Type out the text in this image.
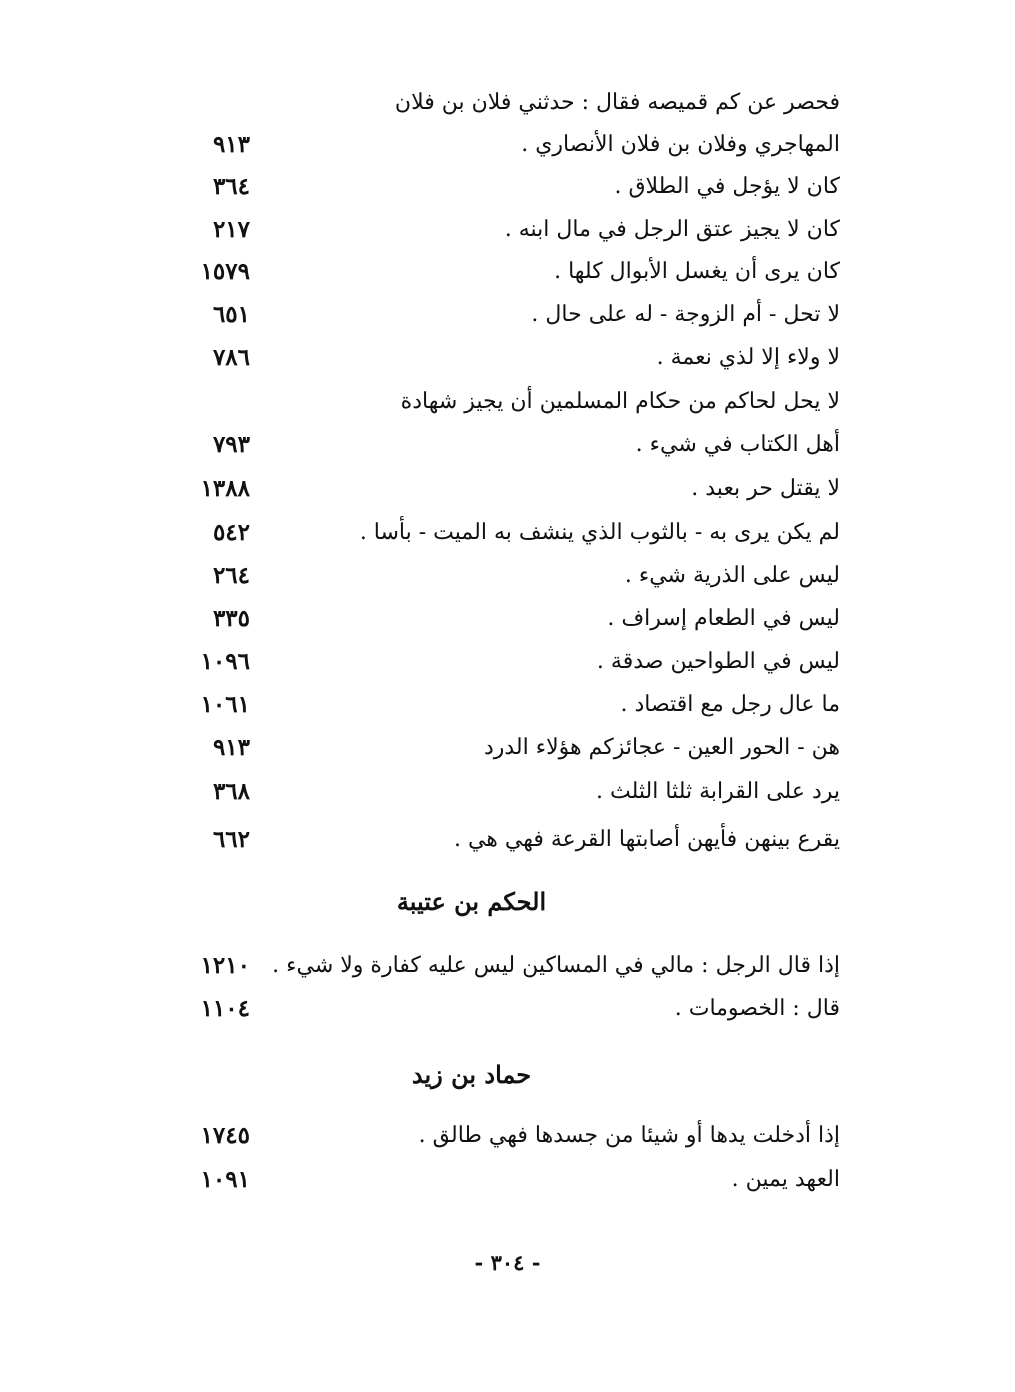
فحصر عن كم قميصه فقال : حدثني فلان بن فلان
المهاجري وفلان بن فلان الأنصاري .
٩١٣
كان لا يؤجل في الطلاق .
٣٦٤
كان لا يجيز عتق الرجل في مال ابنه .
٢١٧
كان يرى أن يغسل الأبوال كلها .
١٥٧٩
لا تحل - أم الزوجة - له على حال .
٦٥١
لا ولاء إلا لذي نعمة .
٧٨٦
لا يحل لحاكم من حكام المسلمين أن يجيز شهادة
أهل الكتاب في شيء .
٧٩٣
لا يقتل حر بعبد .
١٣٨٨
لم يكن يرى به - بالثوب الذي ينشف به الميت - بأسا .
٥٤٢
ليس على الذرية شيء .
٢٦٤
ليس في الطعام إسراف .
٣٣٥
ليس في الطواحين صدقة .
١٠٩٦
ما عال رجل مع اقتصاد .
١٠٦١
هن - الحور العين - عجائزكم هؤلاء الدرد
٩١٣
يرد على القرابة ثلثا الثلث .
٣٦٨
يقرع بينهن فأيهن أصابتها القرعة فهي هي .
٦٦٢
الحكم بن عتيبة
إذا قال الرجل : مالي في المساكين ليس عليه كفارة ولا شيء .
١٢١٠
قال : الخصومات .
١١٠٤
حماد بن زيد
إذا أدخلت يدها أو شيئا من جسدها فهي طالق .
١٧٤٥
العهد يمين .
١٠٩١
- ٣٠٤ -
